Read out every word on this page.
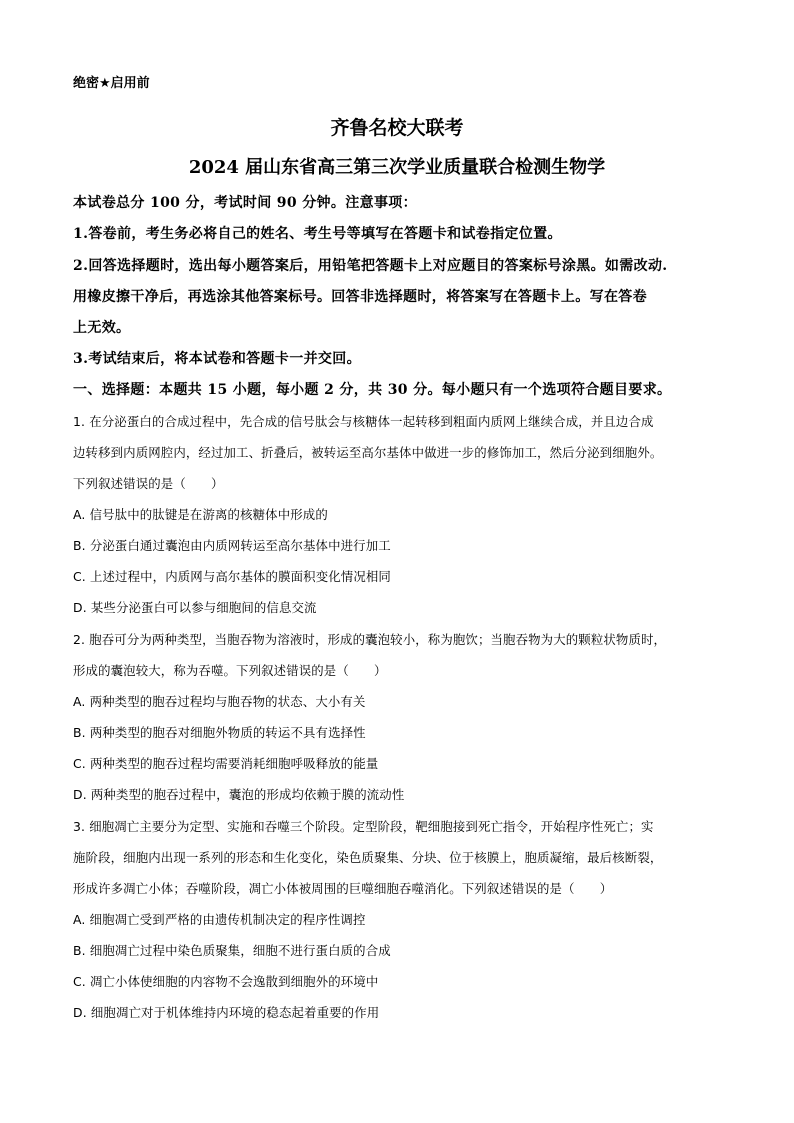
绝密★启用前
齐鲁名校大联考
2024 届山东省高三第三次学业质量联合检测生物学
本试卷总分 100 分，考试时间 90 分钟。注意事项：
1.答卷前，考生务必将自己的姓名、考生号等填写在答题卡和试卷指定位置。
2.回答选择题时，选出每小题答案后，用铅笔把答题卡上对应题目的答案标号涂黑。如需改动.
用橡皮擦干净后，再选涂其他答案标号。回答非选择题时，将答案写在答题卡上。写在答卷
上无效。
3.考试结束后，将本试卷和答题卡一并交回。
一、选择题：本题共 15 小题，每小题 2 分，共 30 分。每小题只有一个选项符合题目要求。
1. 在分泌蛋白的合成过程中，先合成的信号肽会与核糖体一起转移到粗面内质网上继续合成，并且边合成
边转移到内质网腔内，经过加工、折叠后，被转运至高尔基体中做进一步的修饰加工，然后分泌到细胞外。
下列叙述错误的是（　　）
A. 信号肽中的肽键是在游离的核糖体中形成的
B. 分泌蛋白通过囊泡由内质网转运至高尔基体中进行加工
C. 上述过程中，内质网与高尔基体的膜面积变化情况相同
D. 某些分泌蛋白可以参与细胞间的信息交流
2. 胞吞可分为两种类型，当胞吞物为溶液时，形成的囊泡较小，称为胞饮；当胞吞物为大的颗粒状物质时，
形成的囊泡较大，称为吞噬。下列叙述错误的是（　　）
A. 两种类型的胞吞过程均与胞吞物的状态、大小有关
B. 两种类型的胞吞对细胞外物质的转运不具有选择性
C. 两种类型的胞吞过程均需要消耗细胞呼吸释放的能量
D. 两种类型的胞吞过程中，囊泡的形成均依赖于膜的流动性
3. 细胞凋亡主要分为定型、实施和吞噬三个阶段。定型阶段，靶细胞接到死亡指令，开始程序性死亡；实
施阶段，细胞内出现一系列的形态和生化变化，染色质聚集、分块、位于核膜上，胞质凝缩，最后核断裂，
形成许多凋亡小体；吞噬阶段，凋亡小体被周围的巨噬细胞吞噬消化。下列叙述错误的是（　　）
A. 细胞凋亡受到严格的由遗传机制决定的程序性调控
B. 细胞凋亡过程中染色质聚集，细胞不进行蛋白质的合成
C. 凋亡小体使细胞的内容物不会逸散到细胞外的环境中
D. 细胞凋亡对于机体维持内环境的稳态起着重要的作用
